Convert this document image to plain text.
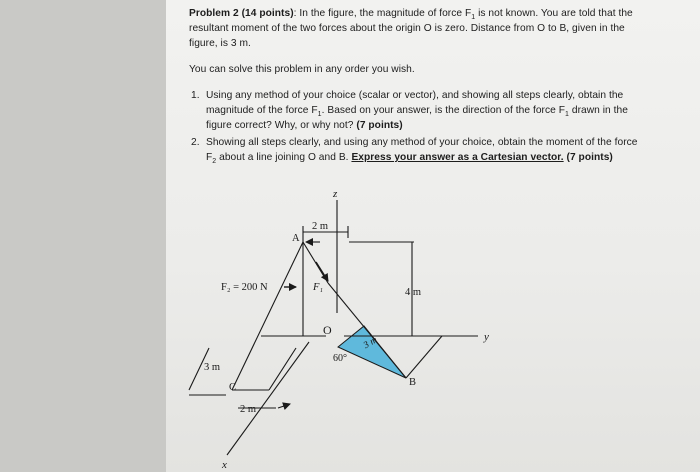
Problem 2 (14 points): In the figure, the magnitude of force $F_1$ is not known. You are told that the
resultant moment of the two forces about the origin O is zero. Distance from O to B, given in the
figure, is 3 m.
You can solve this problem in any order you wish.
1. Using any method of your choice (scalar or vector), and showing all steps clearly, obtain the
magnitude of the force $F_1$. Based on your answer, is the direction of the force $F_1$ drawn in the
figure correct? Why, or why not? (7 points)
2. Showing all steps clearly, and using any method of your choice, obtain the moment of the force
$F_2$ about a line joining O and B. Express your answer as a Cartesian vector. (7 points)
z
y
x
A
O
B
C
2 m
4 m
3 m
3 m
2 m
60°
F₂ = 200 N	F₁
